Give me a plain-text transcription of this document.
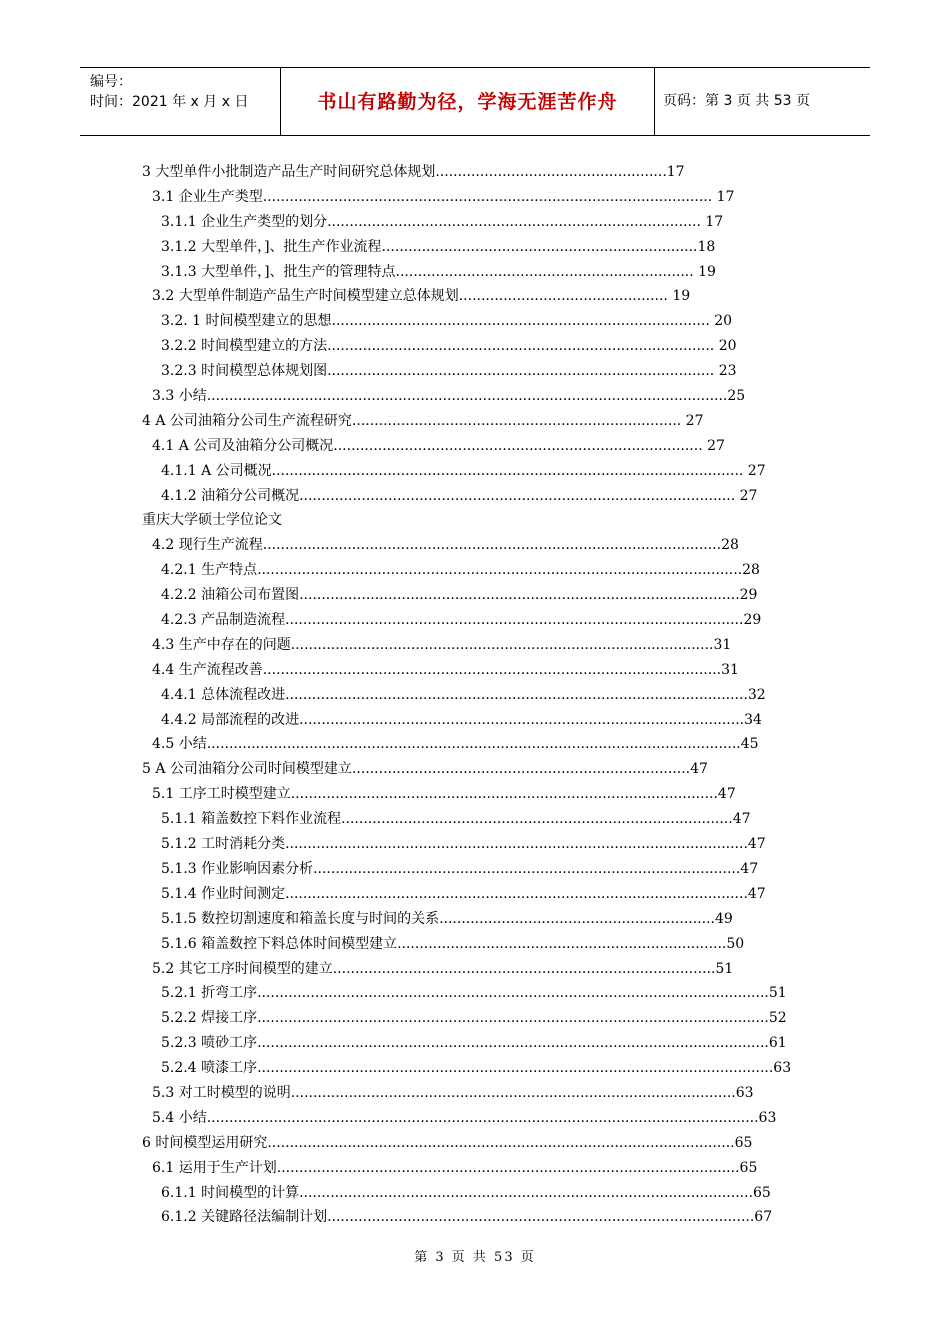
编号：
时间：2021 年 x 月 x 日	书山有路勤为径，学海无涯苦作舟	页码：第 3 页 共 53 页
3 大型单件小批制造产品生产时间研究总体规划....................................................17
3.1 企业生产类型..................................................................................................... 17
3.1.1 企业生产类型的划分.................................................................................... 17
3.1.2 大型单件，]、批生产作业流程.......................................................................18
3.1.3 大型单件，]、批生产的管理特点................................................................... 19
3.2 大型单件制造产品生产时间模型建立总体规划............................................... 19
3.2. 1 时间模型建立的思想..................................................................................... 20
3.2.2 时间模型建立的方法....................................................................................... 20
3.2.3 时间模型总体规划图....................................................................................... 23
3.3 小结.....................................................................................................................25
4 A 公司油箱分公司生产流程研究.......................................................................... 27
4.1 A 公司及油箱分公司概况................................................................................... 27
4.1.1 A 公司概况.......................................................................................................... 27
4.1.2 油箱分公司概况.................................................................................................. 27
重庆大学硕士学位论文
4.2 现行生产流程.......................................................................................................28
4.2.1 生产特点.............................................................................................................28
4.2.2 油箱公司布置图...................................................................................................29
4.2.3 产品制造流程.......................................................................................................29
4.3 生产中存在的问题...............................................................................................31
4.4 生产流程改善.......................................................................................................31
4.4.1 总体流程改进........................................................................................................32
4.4.2 局部流程的改进....................................................................................................34
4.5 小结........................................................................................................................45
5 A 公司油箱分公司时间模型建立............................................................................47
5.1 工序工时模型建立................................................................................................47
5.1.1 箱盖数控下料作业流程........................................................................................47
5.1.2 工时消耗分类........................................................................................................47
5.1.3 作业影响因素分析................................................................................................47
5.1.4 作业时间测定........................................................................................................47
5.1.5 数控切割速度和箱盖长度与时间的关系..............................................................49
5.1.6 箱盖数控下料总体时间模型建立..........................................................................50
5.2 其它工序时间模型的建立......................................................................................51
5.2.1 折弯工序...................................................................................................................51
5.2.2 焊接工序...................................................................................................................52
5.2.3 喷砂工序...................................................................................................................61
5.2.4 喷漆工序....................................................................................................................63
5.3 对工时模型的说明....................................................................................................63
5.4 小结............................................................................................................................63
6 时间模型运用研究.........................................................................................................65
6.1 运用于生产计划........................................................................................................65
6.1.1 时间模型的计算......................................................................................................65
6.1.2 关键路径法编制计划................................................................................................67
第 3 页 共 53 页
